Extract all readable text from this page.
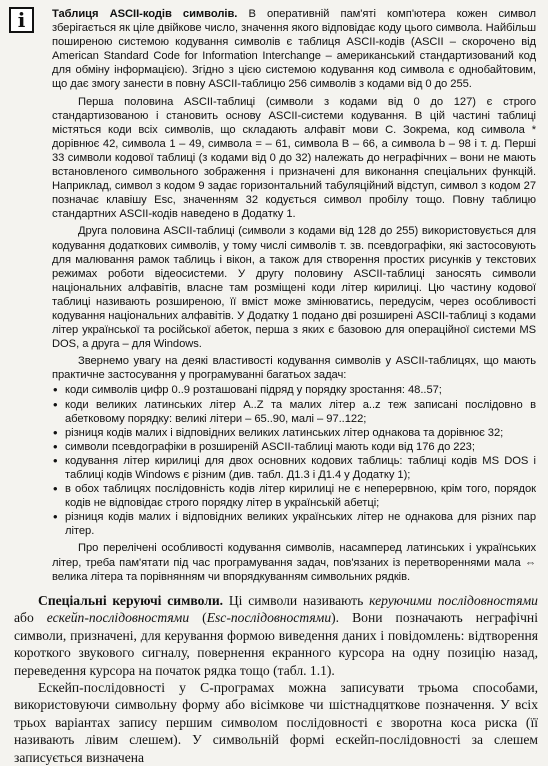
i Таблиця ASCII-кодів символів. В оперативній пам'яті комп'ютера кожен символ зберігається як ціле двійкове число, значення якого відповідає коду цього символа. Найбільш поширеною системою кодування символів є таблиця ASCII-кодів (ASCII – скорочено від American Standard Code for Information Interchange – американський стандартизований код для обміну інформацією). Згідно з цією системою кодування код символа є однобайтовим, що дає змогу занести в повну ASCII-таблицю 256 символів з кодами від 0 до 255.

Перша половина ASCII-таблиці (символи з кодами від 0 до 127) є строго стандартизованою і становить основу ASCII-системи кодування. В цій частині таблиці містяться коди всіх символів, що складають алфавіт мови С. Зокрема, код символа * дорівнює 42, символа 1 – 49, символа = – 61, символа B – 66, а символа b – 98 і т. д. Перші 33 символи кодової таблиці (з кодами від 0 до 32) належать до неграфічних – вони не мають встановленого символьного зображення і призначені для виконання спеціальних функцій. Наприклад, символ з кодом 9 задає горизонтальний табуляційний відступ, символ з кодом 27 позначає клавішу Esc, значенням 32 кодується символ пробілу тощо. Повну таблицю стандартних ASCII-кодів наведено в Додатку 1.

Друга половина ASCII-таблиці (символи з кодами від 128 до 255) використовується для кодування додаткових символів, у тому числі символів т. зв. псевдографіки, які застосовують для малювання рамок таблиць і вікон, а також для створення простих рисунків у текстових режимах роботи відеосистеми. У другу половину ASCII-таблиці заносять символи національних алфавітів, власне там розміщені коди літер кирилиці. Цю частину кодової таблиці називають розширеною, її вміст може змінюватись, передусім, через особливості кодування національних алфавітів. У Додатку 1 подано дві розширені ASCII-таблиці з кодами літер української та російської абеток, перша з яких є базовою для операційної системи MS DOS, а друга – для Windows.

Звернемо увагу на деякі властивості кодування символів у ASCII-таблицях, що мають практичне застосування у програмуванні багатьох задач:

• коди символів цифр 0..9 розташовані підряд у порядку зростання: 48..57;
• коди великих латинських літер A..Z та малих літер a..z теж записані послідовно в абетковому порядку: великі літери – 65..90, малі – 97..122;
• різниця кодів малих і відповідних великих латинських літер однакова та дорівнює 32;
• символи псевдографіки в розширеній ASCII-таблиці мають коди від 176 до 223;
• кодування літер кирилиці для двох основних кодових таблиць: таблиці кодів MS DOS і таблиці кодів Windows є різним (див. табл. Д1.3 і Д1.4 у Додатку 1);
• в обох таблицях послідовність кодів літер кирилиці не є неперервною, крім того, порядок кодів не відповідає строго порядку літер в українській абетці;
• різниця кодів малих і відповідних великих українських літер не однакова для різних пар літер.

Про перелічені особливості кодування символів, насамперед латинських і українських літер, треба пам'ятати під час програмування задач, пов'язаних із перетвореннями мала ⇔ велика літера та порівнянням чи впорядкуванням символьних рядків.

Спеціальні керуючі символи. Ці символи називають керуючими послідовностями або ескейп-послідовностями (Esc-послідовностями). Вони позначають неграфічні символи, призначені, для керування формою виведення даних і повідомлень: відтворення короткого звукового сигналу, повернення екранного курсора на одну позицію назад, переведення курсора на початок рядка тощо (табл. 1.1).

Ескейп-послідовності у С-програмах можна записувати трьома способами, використовуючи символьну форму або вісімкове чи шістнадцяткове позначення. У всіх трьох варіантах запису першим символом послідовності є зворотна коса риска (її називають лівим слешем). У символьній формі ескейп-послідовності за слешем записується визначена
